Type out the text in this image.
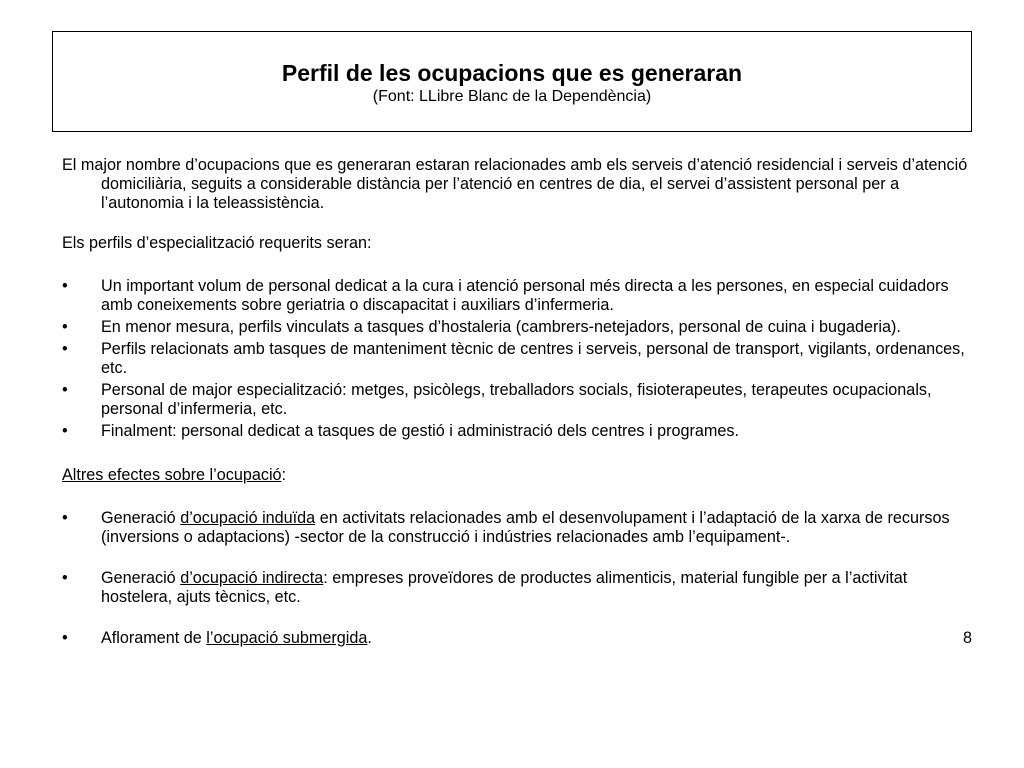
Perfil de les ocupacions que es generaran
(Font: LLibre Blanc de la Dependència)

El major nombre d’ocupacions que es generaran estaran relacionades amb els serveis d’atenció residencial i serveis d’atenció domiciliària, seguits a considerable distància per l’atenció en centres de dia, el servei d’assistent personal per a l’autonomia i la teleassistència.

Els perfils d’especialització requerits seran:

• Un important volum de personal dedicat a la cura i atenció personal més directa a les persones, en especial cuidadors amb coneixements sobre geriatria o discapacitat i auxiliars d’infermeria.
• En menor mesura, perfils vinculats a tasques d’hostaleria (cambrers-netejadors, personal de cuina i bugaderia).
• Perfils relacionats amb tasques de manteniment tècnic de centres i serveis, personal de transport, vigilants, ordenances, etc.
• Personal de major especialització: metges, psicòlegs, treballadors socials, fisioterapeutes, terapeutes ocupacionals, personal d’infermeria, etc.
• Finalment: personal dedicat a tasques de gestió i administració dels centres i programes.

Altres efectes sobre l’ocupació:

• Generació d’ocupació induïda en activitats relacionades amb el desenvolupament i l’adaptació de la xarxa de recursos (inversions o adaptacions) -sector de la construcció i indústries relacionades amb l’equipament-.
• Generació d’ocupació indirecta: empreses proveïdores de productes alimenticis, material fungible per a l’activitat hostelera, ajuts tècnics, etc.
• Aflorament de l’ocupació submergida.	8
